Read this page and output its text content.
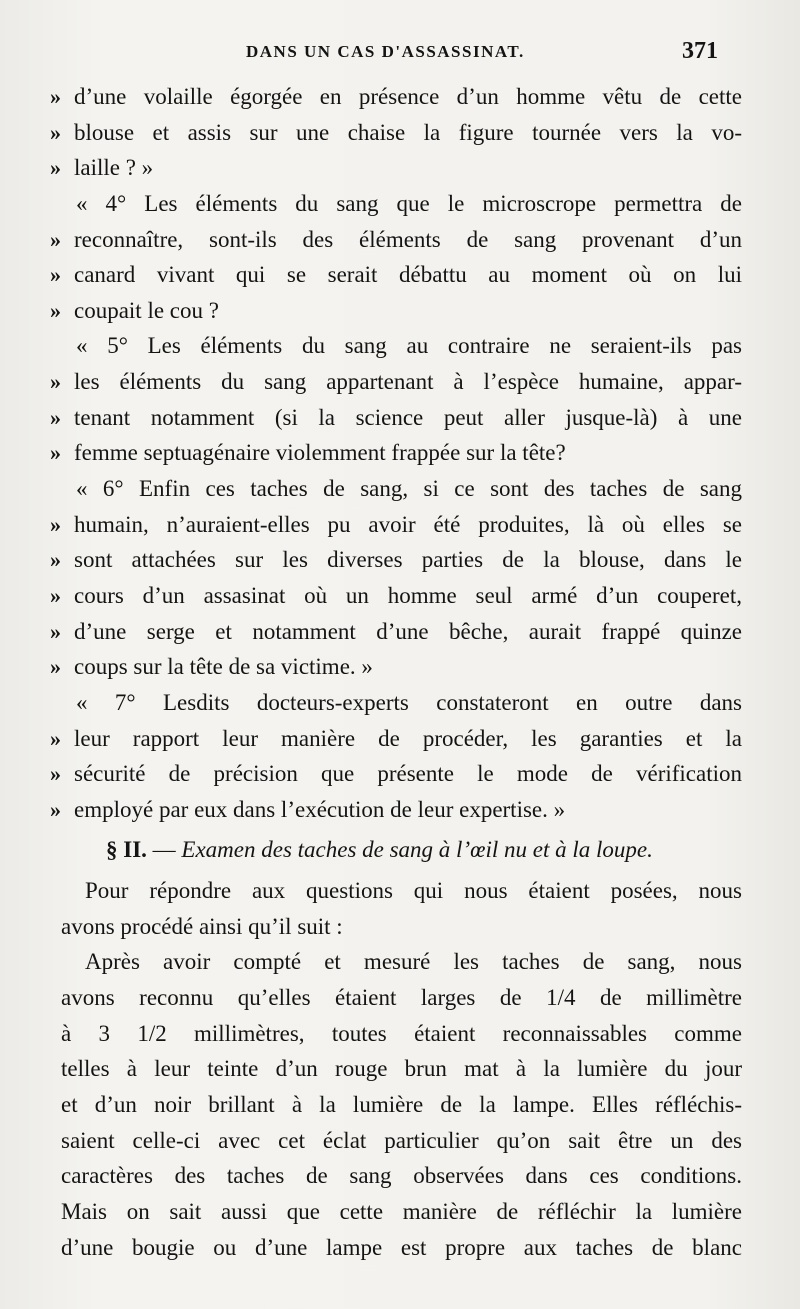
DANS UN CAS D'ASSASSINAT.	371
» d’une volaille égorgée en présence d’un homme vêtu de cette
» blouse et assis sur une chaise la figure tournée vers la vo-
» laille ? »
« 4° Les éléments du sang que le microscrope permettra de
» reconnaître, sont-ils des éléments de sang provenant d’un
» canard vivant qui se serait débattu au moment où on lui
» coupait le cou ?
« 5° Les éléments du sang au contraire ne seraient-ils pas
» les éléments du sang appartenant à l’espèce humaine, appar-
» tenant notamment (si la science peut aller jusque-là) à une
» femme septuagénaire violemment frappée sur la tête?
« 6° Enfin ces taches de sang, si ce sont des taches de sang
» humain, n’auraient-elles pu avoir été produites, là où elles se
» sont attachées sur les diverses parties de la blouse, dans le
» cours d’un assasinat où un homme seul armé d’un couperet,
» d’une serge et notamment d’une bêche, aurait frappé quinze
» coups sur la tête de sa victime. »
« 7° Lesdits docteurs-experts constateront en outre dans
» leur rapport leur manière de procéder, les garanties et la
» sécurité de précision que présente le mode de vérification
» employé par eux dans l’exécution de leur expertise. »
§ II. — Examen des taches de sang à l’œil nu et à la loupe.
Pour répondre aux questions qui nous étaient posées, nous
avons procédé ainsi qu’il suit :
Après avoir compté et mesuré les taches de sang, nous
avons reconnu qu’elles étaient larges de 1/4 de millimètre
à 3 1/2 millimètres, toutes étaient reconnaissables comme
telles à leur teinte d’un rouge brun mat à la lumière du jour
et d’un noir brillant à la lumière de la lampe. Elles réfléchis-
saient celle-ci avec cet éclat particulier qu’on sait être un des
caractères des taches de sang observées dans ces conditions.
Mais on sait aussi que cette manière de réfléchir la lumière
d’une bougie ou d’une lampe est propre aux taches de blanc
